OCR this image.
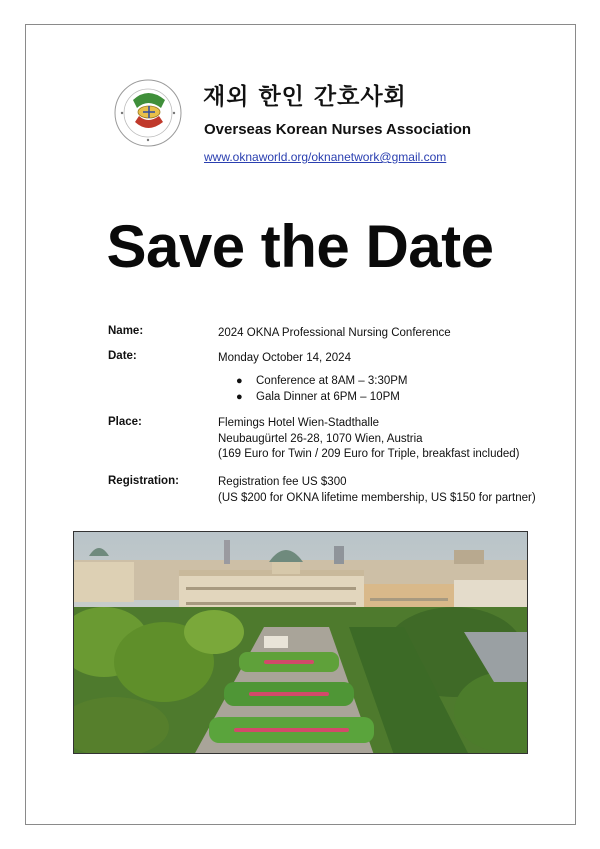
재외 한인 간호사회
Overseas Korean Nurses Association
www.oknaworld.org/oknanetwork@gmail.com
Save the Date
Name:	2024 OKNA Professional Nursing Conference
Date:	Monday October 14, 2024
● Conference at 8AM – 3:30PM
● Gala Dinner at 6PM – 10PM
Place:	Flemings Hotel Wien-Stadthalle
Neubaugürtel 26-28, 1070 Wien, Austria
(169 Euro for Twin / 209 Euro for Triple, breakfast included)
Registration:	Registration fee US $300
(US $200 for OKNA lifetime membership, US $150 for partner)
